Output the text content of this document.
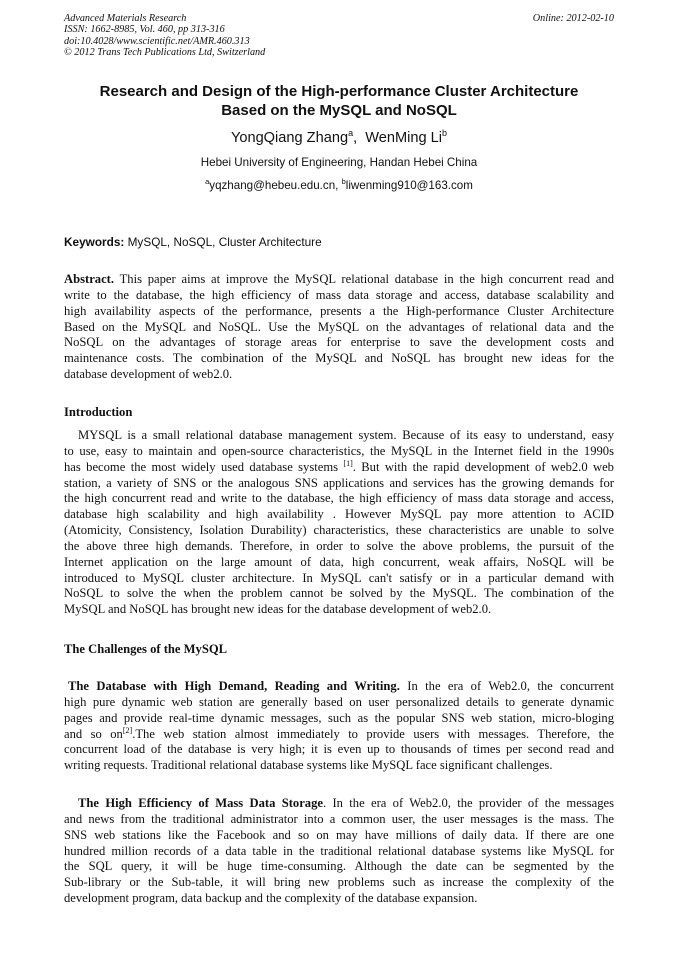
Advanced Materials Research
ISSN: 1662-8985, Vol. 460, pp 313-316
doi:10.4028/www.scientific.net/AMR.460.313
© 2012 Trans Tech Publications Ltd, Switzerland
Online: 2012-02-10
Research and Design of the High-performance Cluster Architecture
Based on the MySQL and NoSQL
YongQiang Zhang$^a$, WenMing Li$^b$
Hebei University of Engineering, Handan Hebei China
$^a$yqzhang@hebeu.edu.cn, $^b$liwenming910@163.com
Keywords: MySQL, NoSQL, Cluster Architecture
Abstract. This paper aims at improve the MySQL relational database in the high concurrent read and
write to the database, the high efficiency of mass data storage and access, database scalability and
high availability aspects of the performance, presents a the High-performance Cluster Architecture
Based on the MySQL and NoSQL. Use the MySQL on the advantages of relational data and the
NoSQL on the advantages of storage areas for enterprise to save the development costs and
maintenance costs. The combination of the MySQL and NoSQL has brought new ideas for the
database development of web2.0.
Introduction
MYSQL is a small relational database management system. Because of its easy to understand, easy
to use, easy to maintain and open-source characteristics, the MySQL in the Internet field in the 1990s
has become the most widely used database systems [1]. But with the rapid development of web2.0 web
station, a variety of SNS or the analogous SNS applications and services has the growing demands for
the high concurrent read and write to the database, the high efficiency of mass data storage and access,
database high scalability and high availability . However MySQL pay more attention to ACID
(Atomicity, Consistency, Isolation Durability) characteristics, these characteristics are unable to solve
the above three high demands. Therefore, in order to solve the above problems, the pursuit of the
Internet application on the large amount of data, high concurrent, weak affairs, NoSQL will be
introduced to MySQL cluster architecture. In MySQL can't satisfy or in a particular demand with
NoSQL to solve the when the problem cannot be solved by the MySQL. The combination of the
MySQL and NoSQL has brought new ideas for the database development of web2.0.
The Challenges of the MySQL
The Database with High Demand, Reading and Writing. In the era of Web2.0, the concurrent
high pure dynamic web station are generally based on user personalized details to generate dynamic
pages and provide real-time dynamic messages, such as the popular SNS web station, micro-bloging
and so on[2].The web station almost immediately to provide users with messages. Therefore, the
concurrent load of the database is very high; it is even up to thousands of times per second read and
writing requests. Traditional relational database systems like MySQL face significant challenges.
The High Efficiency of Mass Data Storage. In the era of Web2.0, the provider of the messages
and news from the traditional administrator into a common user, the user messages is the mass. The
SNS web stations like the Facebook and so on may have millions of daily data. If there are one
hundred million records of a data table in the traditional relational database systems like MySQL for
the SQL query, it will be huge time-consuming. Although the date can be segmented by the
Sub-library or the Sub-table, it will bring new problems such as increase the complexity of the
development program, data backup and the complexity of the database expansion.
